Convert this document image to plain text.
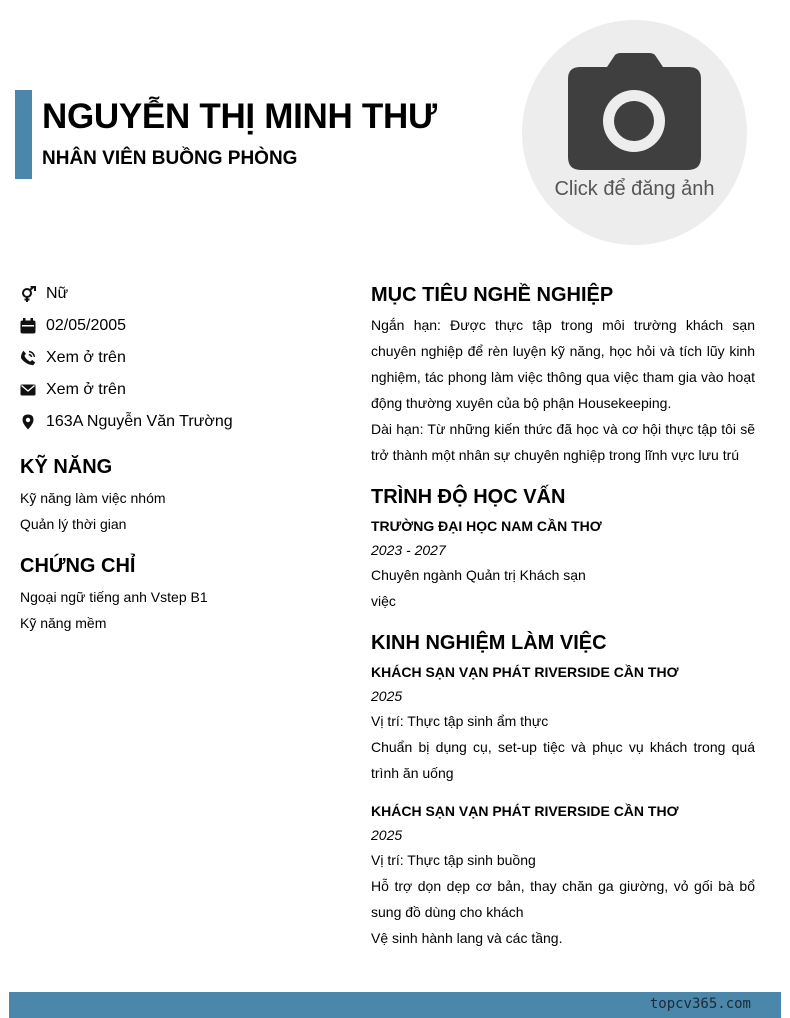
NGUYỄN THỊ MINH THƯ
NHÂN VIÊN BUỒNG PHÒNG
Click để đăng ảnh
Nữ
02/05/2005
Xem ở trên
Xem ở trên
163A Nguyễn Văn Trường
KỸ NĂNG
Kỹ năng làm việc nhóm
Quản lý thời gian
CHỨNG CHỈ
Ngoại ngữ tiếng anh Vstep B1
Kỹ năng mềm
MỤC TIÊU NGHỀ NGHIỆP

Ngắn hạn: Được thực tập trong môi trường khách sạn chuyên nghiệp để rèn luyện kỹ năng, học hỏi và tích lũy kinh nghiệm, tác phong làm việc thông qua việc tham gia vào hoạt động thường xuyên của bộ phận Housekeeping.

Dài hạn: Từ những kiến thức đã học và cơ hội thực tập tôi sẽ trở thành một nhân sự chuyên nghiệp trong lĩnh vực lưu trú

TRÌNH ĐỘ HỌC VẤN
TRƯỜNG ĐẠI HỌC NAM CẦN THƠ
2023 - 2027
Chuyên ngành Quản trị Khách sạn
việc
KINH NGHIỆM LÀM VIỆC
KHÁCH SẠN VẠN PHÁT RIVERSIDE CẦN THƠ
2025
Vị trí: Thực tập sinh ẩm thực

Chuẩn bị dụng cụ, set-up tiệc và phục vụ khách trong quá trình ăn uống

KHÁCH SẠN VẠN PHÁT RIVERSIDE CẦN THƠ
2025
Vị trí: Thực tập sinh buồng

Hỗ trợ dọn dẹp cơ bản, thay chăn ga giường, vỏ gối bà bổ sung đồ dùng cho khách

Vệ sinh hành lang và các tầng.

topcv365.com
